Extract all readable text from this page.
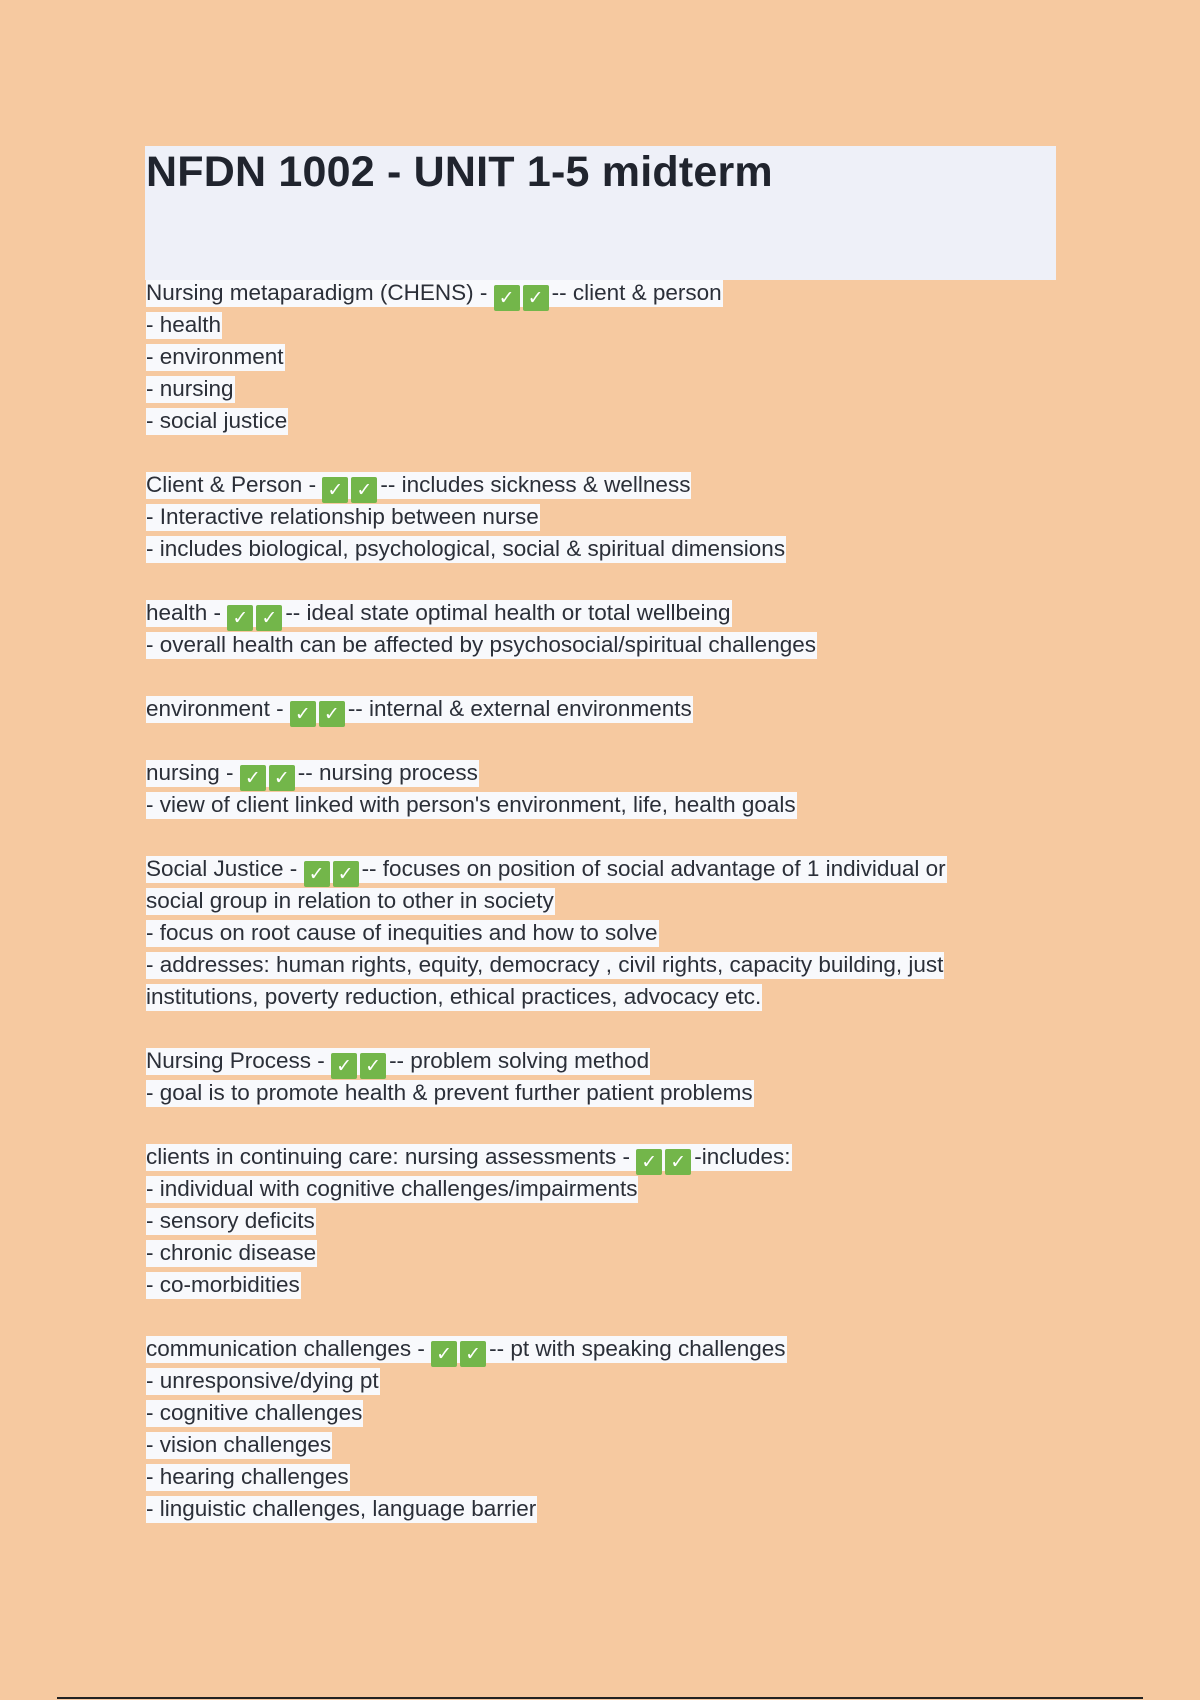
NFDN 1002 - UNIT 1-5 midterm
Nursing metaparadigm (CHENS) - ✓ ✓ -- client & person
- health
- environment
- nursing
- social justice
Client & Person - ✓ ✓ -- includes sickness & wellness
- Interactive relationship between nurse
- includes biological, psychological, social & spiritual dimensions
health - ✓ ✓ -- ideal state optimal health or total wellbeing
- overall health can be affected by psychosocial/spiritual challenges
environment - ✓ ✓ -- internal & external environments
nursing - ✓ ✓ -- nursing process
- view of client linked with person's environment, life, health goals
Social Justice - ✓ ✓ -- focuses on position of social advantage of 1 individual or
social group in relation to other in society
- focus on root cause of inequities and how to solve
- addresses: human rights, equity, democracy , civil rights, capacity building, just
institutions, poverty reduction, ethical practices, advocacy etc.
Nursing Process - ✓ ✓ -- problem solving method
- goal is to promote health & prevent further patient problems
clients in continuing care: nursing assessments - ✓ ✓ -includes:
- individual with cognitive challenges/impairments
- sensory deficits
- chronic disease
- co-morbidities
communication challenges - ✓ ✓ -- pt with speaking challenges
- unresponsive/dying pt
- cognitive challenges
- vision challenges
- hearing challenges
- linguistic challenges, language barrier
